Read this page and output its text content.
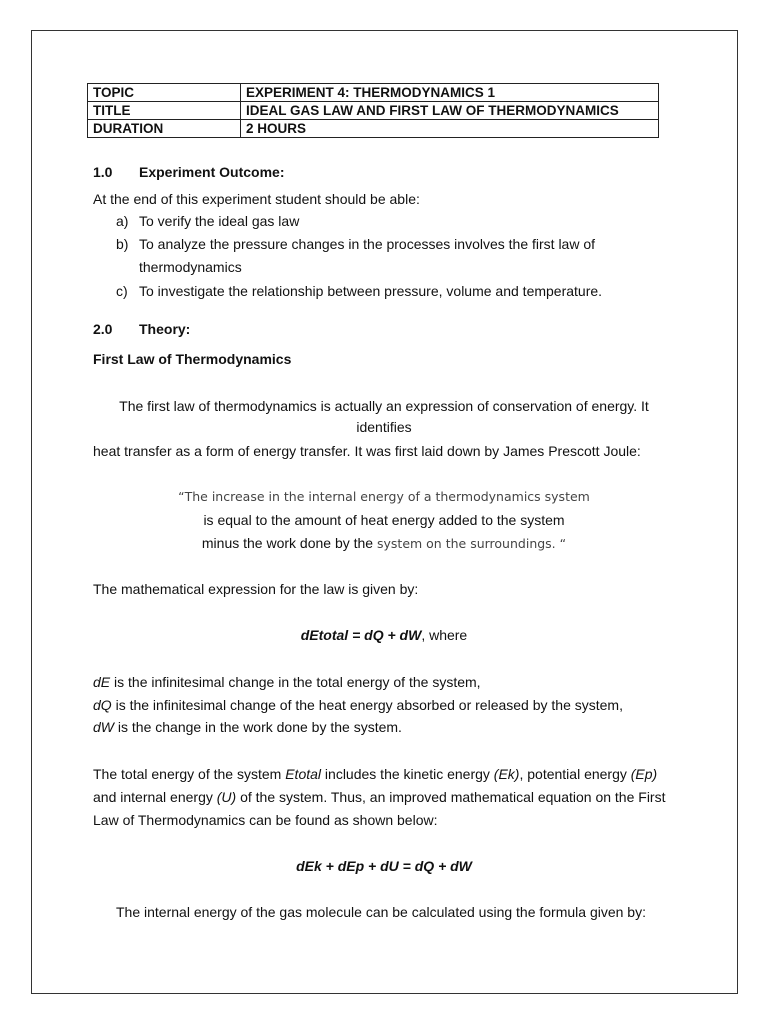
TOPIC	EXPERIMENT 4: THERMODYNAMICS 1
TITLE	IDEAL GAS LAW AND FIRST LAW OF THERMODYNAMICS
DURATION	2 HOURS
1.0 Experiment Outcome:
At the end of this experiment student should be able:
a) To verify the ideal gas law
b) To analyze the pressure changes in the processes involves the first law of
thermodynamics
c) To investigate the relationship between pressure, volume and temperature.
2.0 Theory:
First Law of Thermodynamics
The first law of thermodynamics is actually an expression of conservation of energy. It
identifies
heat transfer as a form of energy transfer. It was first laid down by James Prescott Joule:
“The increase in the internal energy of a thermodynamics system
is equal to the amount of heat energy added to the system
minus the work done by the system on the surroundings. “
The mathematical expression for the law is given by:
dEtotal = dQ + dW, where
dE is the infinitesimal change in the total energy of the system,
dQ is the infinitesimal change of the heat energy absorbed or released by the system,
dW is the change in the work done by the system.
The total energy of the system Etotal includes the kinetic energy (Ek), potential energy (Ep)
and internal energy (U) of the system. Thus, an improved mathematical equation on the First
Law of Thermodynamics can be found as shown below:
dEk + dEp + dU = dQ + dW
The internal energy of the gas molecule can be calculated using the formula given by:
